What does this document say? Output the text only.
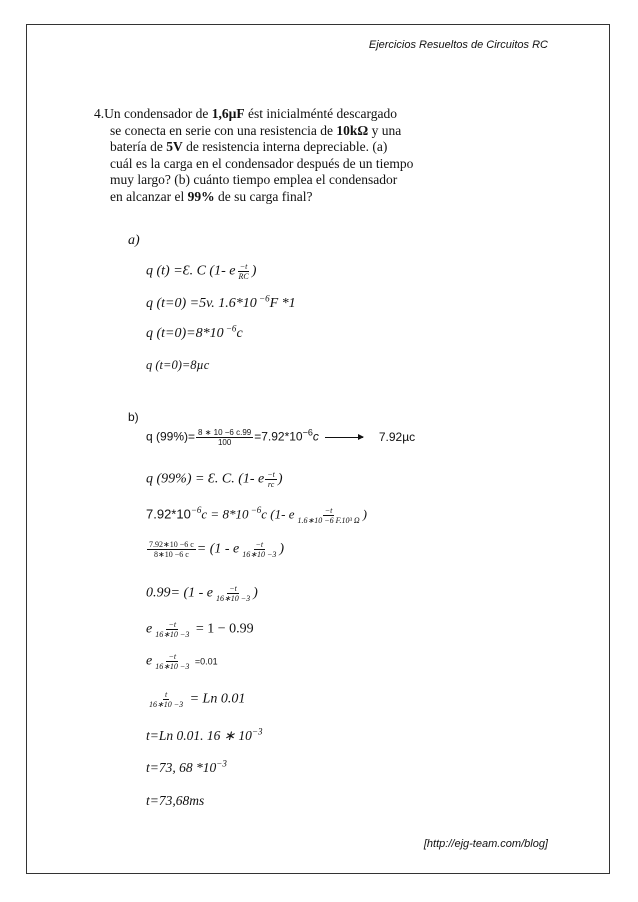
Ejercicios Resueltos de Circuitos RC

4.Un condensador de 1,6µF ést inicialménté descargado

se conecta en serie con una resistencia de 10kΩ y una

batería de 5V de resistencia interna depreciable. (a)

cuál es la carga en el condensador después de un tiempo

muy largo? (b) cuánto tiempo emplea el condensador

en alcanzar el 99% de su carga final?

a)
q (t) =Ɛ. C (1- e $\frac{-t}{RC}$ )
q (t=0) =5v. 1.6*10 $^{-6}$F *1
q (t=0)=8*10 $^{-6}$c
q (t=0)=8µc
b)
q $(99\%)= \frac{8 ∗ 10 -6 c.99}{100} =7.92*10^{-6}c$	7.92µc
q (99%) = Ɛ. C. (1- e $\frac{-t}{rc}$ )
$7.92*10^{-6}c = 8*10$ $^{-6}$c (1- e $\frac{-t}{\text{1.6∗10 −6 F.10³ Ω}}$ )
$\frac{7.92∗10 -6 c}{8∗10 -6 c} = (1 - e \frac{-t}{16∗10 -3}$ )
0.99= (1 - e $\frac{-t}{16∗10 -3}$ )
e $\frac{-t}{16∗10 -3} = 1 - 0.99$
e $\frac{-t}{16∗10 -3} =0.01$
$\frac{t}{16∗10 -3} = Ln$ 0.01
t=Ln 0.01. 16 ∗ $10^{-3}$
t=73, 68 $*10^{-3}$
t=73,68ms
[http://ejg-team.com/blog]
